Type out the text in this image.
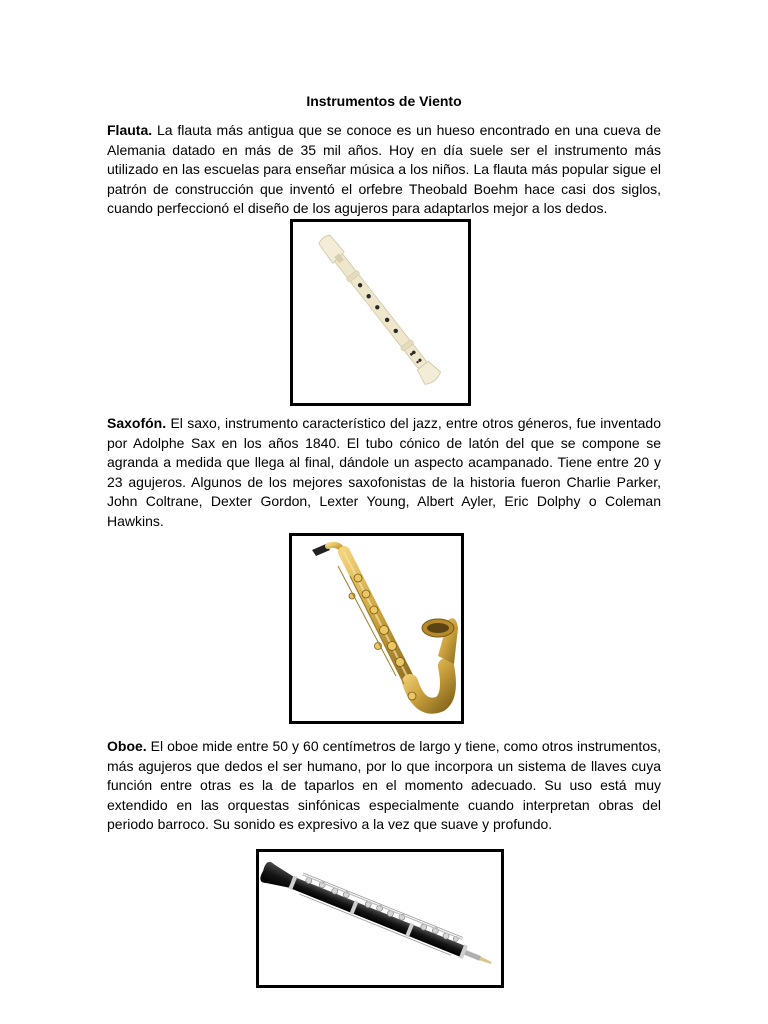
Instrumentos de Viento

Flauta. La flauta más antigua que se conoce es un hueso encontrado en una cueva de Alemania datado en más de 35 mil años. Hoy en día suele ser el instrumento más utilizado en las escuelas para enseñar música a los niños. La flauta más popular sigue el patrón de construcción que inventó el orfebre Theobald Boehm hace casi dos siglos, cuando perfeccionó el diseño de los agujeros para adaptarlos mejor a los dedos.

Saxofón. El saxo, instrumento característico del jazz, entre otros géneros, fue inventado por Adolphe Sax en los años 1840. El tubo cónico de latón del que se compone se agranda a medida que llega al final, dándole un aspecto acampanado. Tiene entre 20 y 23 agujeros. Algunos de los mejores saxofonistas de la historia fueron Charlie Parker, John Coltrane, Dexter Gordon, Lexter Young, Albert Ayler, Eric Dolphy o Coleman Hawkins.

Oboe. El oboe mide entre 50 y 60 centímetros de largo y tiene, como otros instrumentos, más agujeros que dedos el ser humano, por lo que incorpora un sistema de llaves cuya función entre otras es la de taparlos en el momento adecuado. Su uso está muy extendido en las orquestas sinfónicas especialmente cuando interpretan obras del periodo barroco. Su sonido es expresivo a la vez que suave y profundo.
